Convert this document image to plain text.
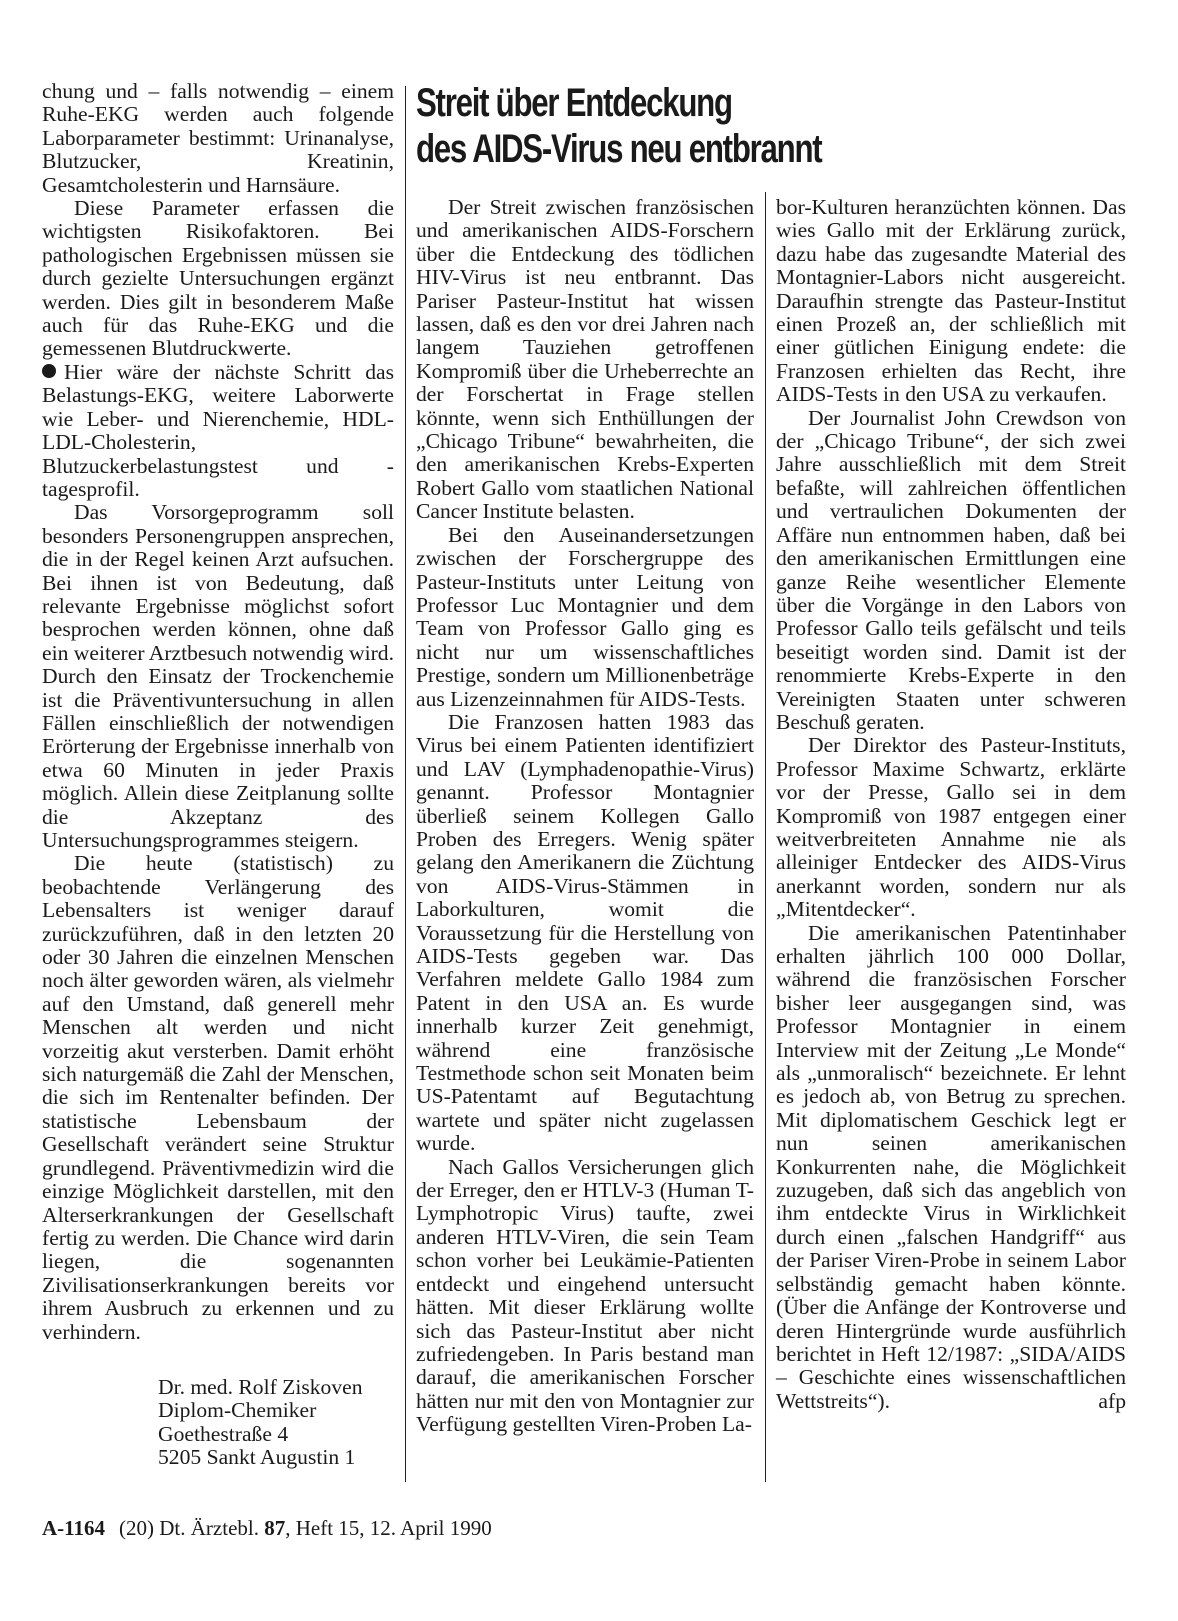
chung und – falls notwendig – einem Ruhe-EKG werden auch folgende Laborparameter bestimmt: Urinanalyse, Blutzucker, Kreatinin, Gesamtcholesterin und Harnsäure.

Diese Parameter erfassen die wichtigsten Risikofaktoren. Bei pathologischen Ergebnissen müssen sie durch gezielte Untersuchungen ergänzt werden. Dies gilt in besonderem Maße auch für das Ruhe-EKG und die gemessenen Blutdruckwerte.

Hier wäre der nächste Schritt das Belastungs-EKG, weitere Laborwerte wie Leber- und Nierenchemie, HDL-LDL-Cholesterin, Blutzuckerbelastungstest und -tagesprofil.

Das Vorsorgeprogramm soll besonders Personengruppen ansprechen, die in der Regel keinen Arzt aufsuchen. Bei ihnen ist von Bedeutung, daß relevante Ergebnisse möglichst sofort besprochen werden können, ohne daß ein weiterer Arztbesuch notwendig wird. Durch den Einsatz der Trockenchemie ist die Präventivuntersuchung in allen Fällen einschließlich der notwendigen Erörterung der Ergebnisse innerhalb von etwa 60 Minuten in jeder Praxis möglich. Allein diese Zeitplanung sollte die Akzeptanz des Untersuchungsprogrammes steigern.

Die heute (statistisch) zu beobachtende Verlängerung des Lebensalters ist weniger darauf zurückzuführen, daß in den letzten 20 oder 30 Jahren die einzelnen Menschen noch älter geworden wären, als vielmehr auf den Umstand, daß generell mehr Menschen alt werden und nicht vorzeitig akut versterben. Damit erhöht sich naturgemäß die Zahl der Menschen, die sich im Rentenalter befinden. Der statistische Lebensbaum der Gesellschaft verändert seine Struktur grundlegend. Präventivmedizin wird die einzige Möglichkeit darstellen, mit den Alterserkrankungen der Gesellschaft fertig zu werden. Die Chance wird darin liegen, die sogenannten Zivilisationserkrankungen bereits vor ihrem Ausbruch zu erkennen und zu verhindern.

Dr. med. Rolf Ziskoven
Diplom-Chemiker
Goethestraße 4
5205 Sankt Augustin 1
Streit über Entdeckung
des AIDS-Virus neu entbrannt

Der Streit zwischen französischen und amerikanischen AIDS-Forschern über die Entdeckung des tödlichen HIV-Virus ist neu entbrannt. Das Pariser Pasteur-Institut hat wissen lassen, daß es den vor drei Jahren nach langem Tauziehen getroffenen Kompromiß über die Urheberrechte an der Forschertat in Frage stellen könnte, wenn sich Enthüllungen der „Chicago Tribune“ bewahrheiten, die den amerikanischen Krebs-Experten Robert Gallo vom staatlichen National Cancer Institute belasten.

Bei den Auseinandersetzungen zwischen der Forschergruppe des Pasteur-Instituts unter Leitung von Professor Luc Montagnier und dem Team von Professor Gallo ging es nicht nur um wissenschaftliches Prestige, sondern um Millionenbeträge aus Lizenzeinnahmen für AIDS-Tests.

Die Franzosen hatten 1983 das Virus bei einem Patienten identifiziert und LAV (Lymphadenopathie-Virus) genannt. Professor Montagnier überließ seinem Kollegen Gallo Proben des Erregers. Wenig später gelang den Amerikanern die Züchtung von AIDS-Virus-Stämmen in Laborkulturen, womit die Voraussetzung für die Herstellung von AIDS-Tests gegeben war. Das Verfahren meldete Gallo 1984 zum Patent in den USA an. Es wurde innerhalb kurzer Zeit genehmigt, während eine französische Testmethode schon seit Monaten beim US-Patentamt auf Begutachtung wartete und später nicht zugelassen wurde.

Nach Gallos Versicherungen glich der Erreger, den er HTLV-3 (Human T-Lymphotropic Virus) taufte, zwei anderen HTLV-Viren, die sein Team schon vorher bei Leukämie-Patienten entdeckt und eingehend untersucht hätten. Mit dieser Erklärung wollte sich das Pasteur-Institut aber nicht zufriedengeben. In Paris bestand man darauf, die amerikanischen Forscher hätten nur mit den von Montagnier zur Verfügung gestellten Viren-Proben La-

bor-Kulturen heranzüchten können. Das wies Gallo mit der Erklärung zurück, dazu habe das zugesandte Material des Montagnier-Labors nicht ausgereicht. Daraufhin strengte das Pasteur-Institut einen Prozeß an, der schließlich mit einer gütlichen Einigung endete: die Franzosen erhielten das Recht, ihre AIDS-Tests in den USA zu verkaufen.

Der Journalist John Crewdson von der „Chicago Tribune“, der sich zwei Jahre ausschließlich mit dem Streit befaßte, will zahlreichen öffentlichen und vertraulichen Dokumenten der Affäre nun entnommen haben, daß bei den amerikanischen Ermittlungen eine ganze Reihe wesentlicher Elemente über die Vorgänge in den Labors von Professor Gallo teils gefälscht und teils beseitigt worden sind. Damit ist der renommierte Krebs-Experte in den Vereinigten Staaten unter schweren Beschuß geraten.

Der Direktor des Pasteur-Instituts, Professor Maxime Schwartz, erklärte vor der Presse, Gallo sei in dem Kompromiß von 1987 entgegen einer weitverbreiteten Annahme nie als alleiniger Entdecker des AIDS-Virus anerkannt worden, sondern nur als „Mitentdecker“.

Die amerikanischen Patentinhaber erhalten jährlich 100 000 Dollar, während die französischen Forscher bisher leer ausgegangen sind, was Professor Montagnier in einem Interview mit der Zeitung „Le Monde“ als „unmoralisch“ bezeichnete. Er lehnt es jedoch ab, von Betrug zu sprechen. Mit diplomatischem Geschick legt er nun seinen amerikanischen Konkurrenten nahe, die Möglichkeit zuzugeben, daß sich das angeblich von ihm entdeckte Virus in Wirklichkeit durch einen „falschen Handgriff“ aus der Pariser Viren-Probe in seinem Labor selbständig gemacht haben könnte. (Über die Anfänge der Kontroverse und deren Hintergründe wurde ausführlich berichtet in Heft 12/1987: „SIDA/AIDS – Geschichte eines wissenschaftlichen Wettstreits“).	afp

A-1164 (20) Dt. Ärztebl. 87, Heft 15, 12. April 1990
